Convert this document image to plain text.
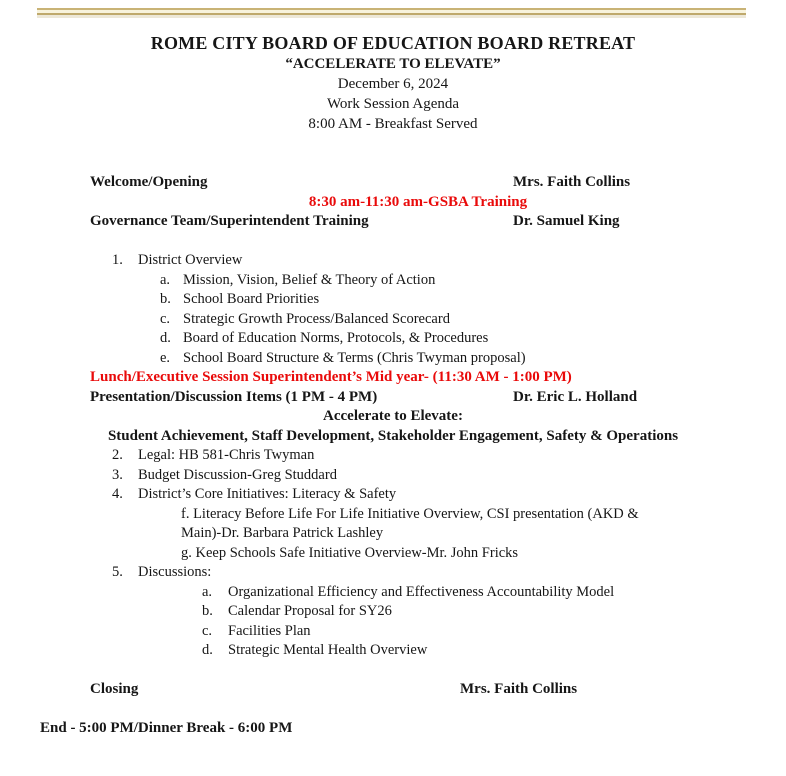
ROME CITY BOARD OF EDUCATION BOARD RETREAT
“ACCELERATE TO ELEVATE”
December 6, 2024
Work Session Agenda
8:00 AM - Breakfast Served
Welcome/Opening	Mrs. Faith Collins
8:30 am-11:30 am-GSBA Training
Governance Team/Superintendent Training	Dr. Samuel King
1. District Overview
a. Mission, Vision, Belief & Theory of Action
b. School Board Priorities
c. Strategic Growth Process/Balanced Scorecard
d. Board of Education Norms, Protocols, & Procedures
e. School Board Structure & Terms (Chris Twyman proposal)
Lunch/Executive Session Superintendent’s Mid year- (11:30 AM - 1:00 PM)
Presentation/Discussion Items (1 PM - 4 PM)	Dr. Eric L. Holland
Accelerate to Elevate:
Student Achievement, Staff Development, Stakeholder Engagement, Safety & Operations
2. Legal: HB 581-Chris Twyman
3. Budget Discussion-Greg Studdard
4. District’s Core Initiatives: Literacy & Safety
f. Literacy Before Life For Life Initiative Overview, CSI presentation (AKD &
Main)-Dr. Barbara Patrick Lashley
g. Keep Schools Safe Initiative Overview-Mr. John Fricks
5. Discussions:
a. Organizational Efficiency and Effectiveness Accountability Model
b. Calendar Proposal for SY26
c. Facilities Plan
d. Strategic Mental Health Overview
Closing	Mrs. Faith Collins
End - 5:00 PM/Dinner Break - 6:00 PM
